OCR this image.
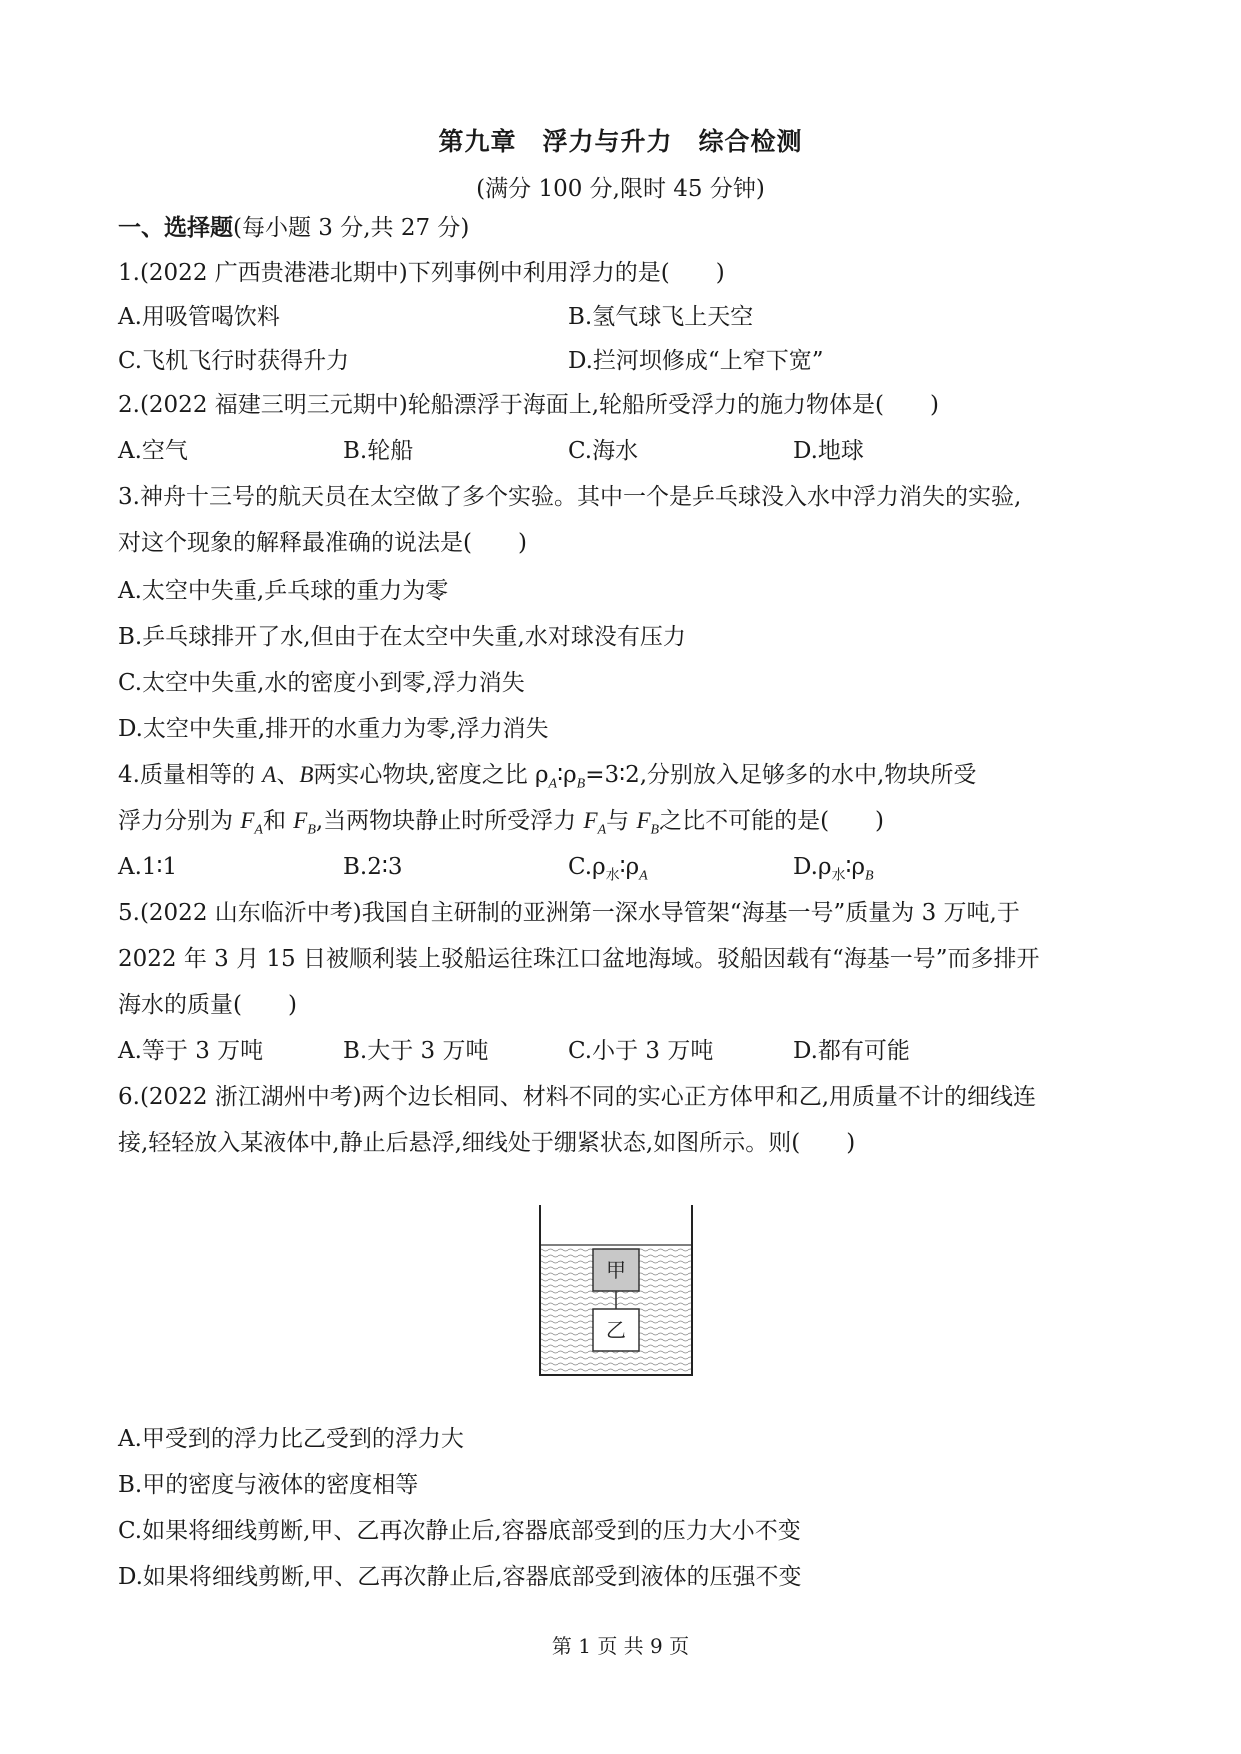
第九章　浮力与升力　综合检测
(满分 100 分,限时 45 分钟)
一、选择题(每小题 3 分,共 27 分)
1.(2022 广西贵港港北期中)下列事例中利用浮力的是(　　)
A.用吸管喝饮料	B.氢气球飞上天空
C.飞机飞行时获得升力	D.拦河坝修成“上窄下宽”
2.(2022 福建三明三元期中)轮船漂浮于海面上,轮船所受浮力的施力物体是(　　)
A.空气	B.轮船	C.海水	D.地球
3.神舟十三号的航天员在太空做了多个实验。其中一个是乒乓球没入水中浮力消失的实验,
对这个现象的解释最准确的说法是(　　)
A.太空中失重,乒乓球的重力为零
B.乒乓球排开了水,但由于在太空中失重,水对球没有压力
C.太空中失重,水的密度小到零,浮力消失
D.太空中失重,排开的水重力为零,浮力消失
4.质量相等的 A、B两实心物块,密度之比 $\rho_A∶\rho_B=3∶2$,分别放入足够多的水中,物块所受
浮力分别为 $F_A$和 $F_B$,当两物块静止时所受浮力 $F_A$与 $F_B$之比不可能的是(　　)
A.1∶1	B.2∶3	$C.\rho_水∶\rho_A$	$D.\rho_水∶\rho_B$
5.(2022 山东临沂中考)我国自主研制的亚洲第一深水导管架“海基一号”质量为 3 万吨,于
2022 年 3 月 15 日被顺利装上驳船运往珠江口盆地海域。驳船因载有“海基一号”而多排开
海水的质量(　　)
A.等于 3 万吨	B.大于 3 万吨	C.小于 3 万吨	D.都有可能
6.(2022 浙江湖州中考)两个边长相同、材料不同的实心正方体甲和乙,用质量不计的细线连
接,轻轻放入某液体中,静止后悬浮,细线处于绷紧状态,如图所示。则(　　)
甲
乙
A.甲受到的浮力比乙受到的浮力大
B.甲的密度与液体的密度相等
C.如果将细线剪断,甲、乙再次静止后,容器底部受到的压力大小不变
D.如果将细线剪断,甲、乙再次静止后,容器底部受到液体的压强不变
第 1 页 共 9 页
